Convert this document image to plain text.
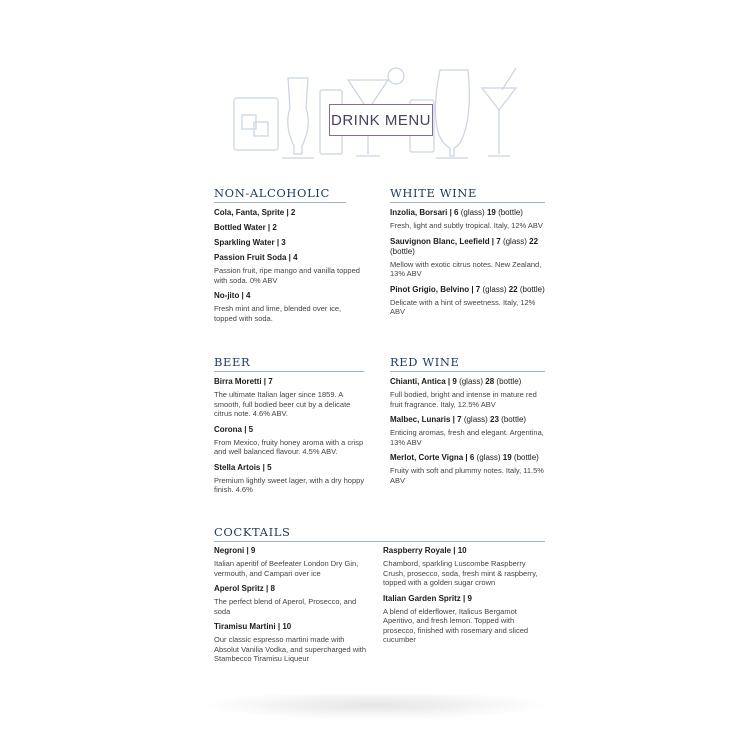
DRINK MENU
NON-ALCOHOLIC
Cola, Fanta, Sprite | 2
Bottled Water | 2
Sparkling Water | 3
Passion Fruit Soda | 4
Passion fruit, ripe mango and vanilla topped with soda. 0% ABV
No-jito | 4
Fresh mint and lime, blended over ice, topped with soda.
WHITE WINE
Inzolia, Borsari | 6 (glass) 19 (bottle)
Fresh, light and subtly tropical. Italy, 12% ABV
Sauvignon Blanc, Leefield | 7 (glass) 22 (bottle)
Mellow with exotic citrus notes. New Zealand, 13% ABV
Pinot Grigio, Belvino | 7 (glass) 22 (bottle)
Delicate with a hint of sweetness. Italy, 12% ABV
BEER
Birra Moretti | 7
The ultimate Italian lager since 1859. A smooth, full bodied beer cut by a delicate citrus note. 4.6% ABV.
Corona | 5
From Mexico, fruity honey aroma with a crisp and well balanced flavour. 4.5% ABV.
Stella Artois | 5
Premium lightly sweet lager, with a dry hoppy finish. 4.6%
RED WINE
Chianti, Antica | 9 (glass) 28 (bottle)
Full bodied, bright and intense in mature red fruit fragrance. Italy, 12.5% ABV
Malbec, Lunaris | 7 (glass) 23 (bottle)
Enticing aromas, fresh and elegant. Argentina, 13% ABV
Merlot, Corte Vigna | 6 (glass) 19 (bottle)
Fruity with soft and plummy notes. Italy, 11.5% ABV
COCKTAILS
Negroni | 9
Italian aperitif of Beefeater London Dry Gin, vermouth, and Campari over ice
Aperol Spritz | 8
The perfect blend of Aperol, Prosecco, and soda
Tiramisu Martini | 10
Our classic espresso martini made with Absolut Vanilia Vodka, and supercharged with Stambecco Tiramisu Liqueur
Raspberry Royale | 10
Chambord, sparkling Luscombe Raspberry Crush, prosecco, soda, fresh mint & raspberry, topped with a golden sugar crown
Italian Garden Spritz | 9
A blend of elderflower, Italicus Bergamot Aperitivo, and fresh lemon. Topped with prosecco, finished with rosemary and sliced cucumber
